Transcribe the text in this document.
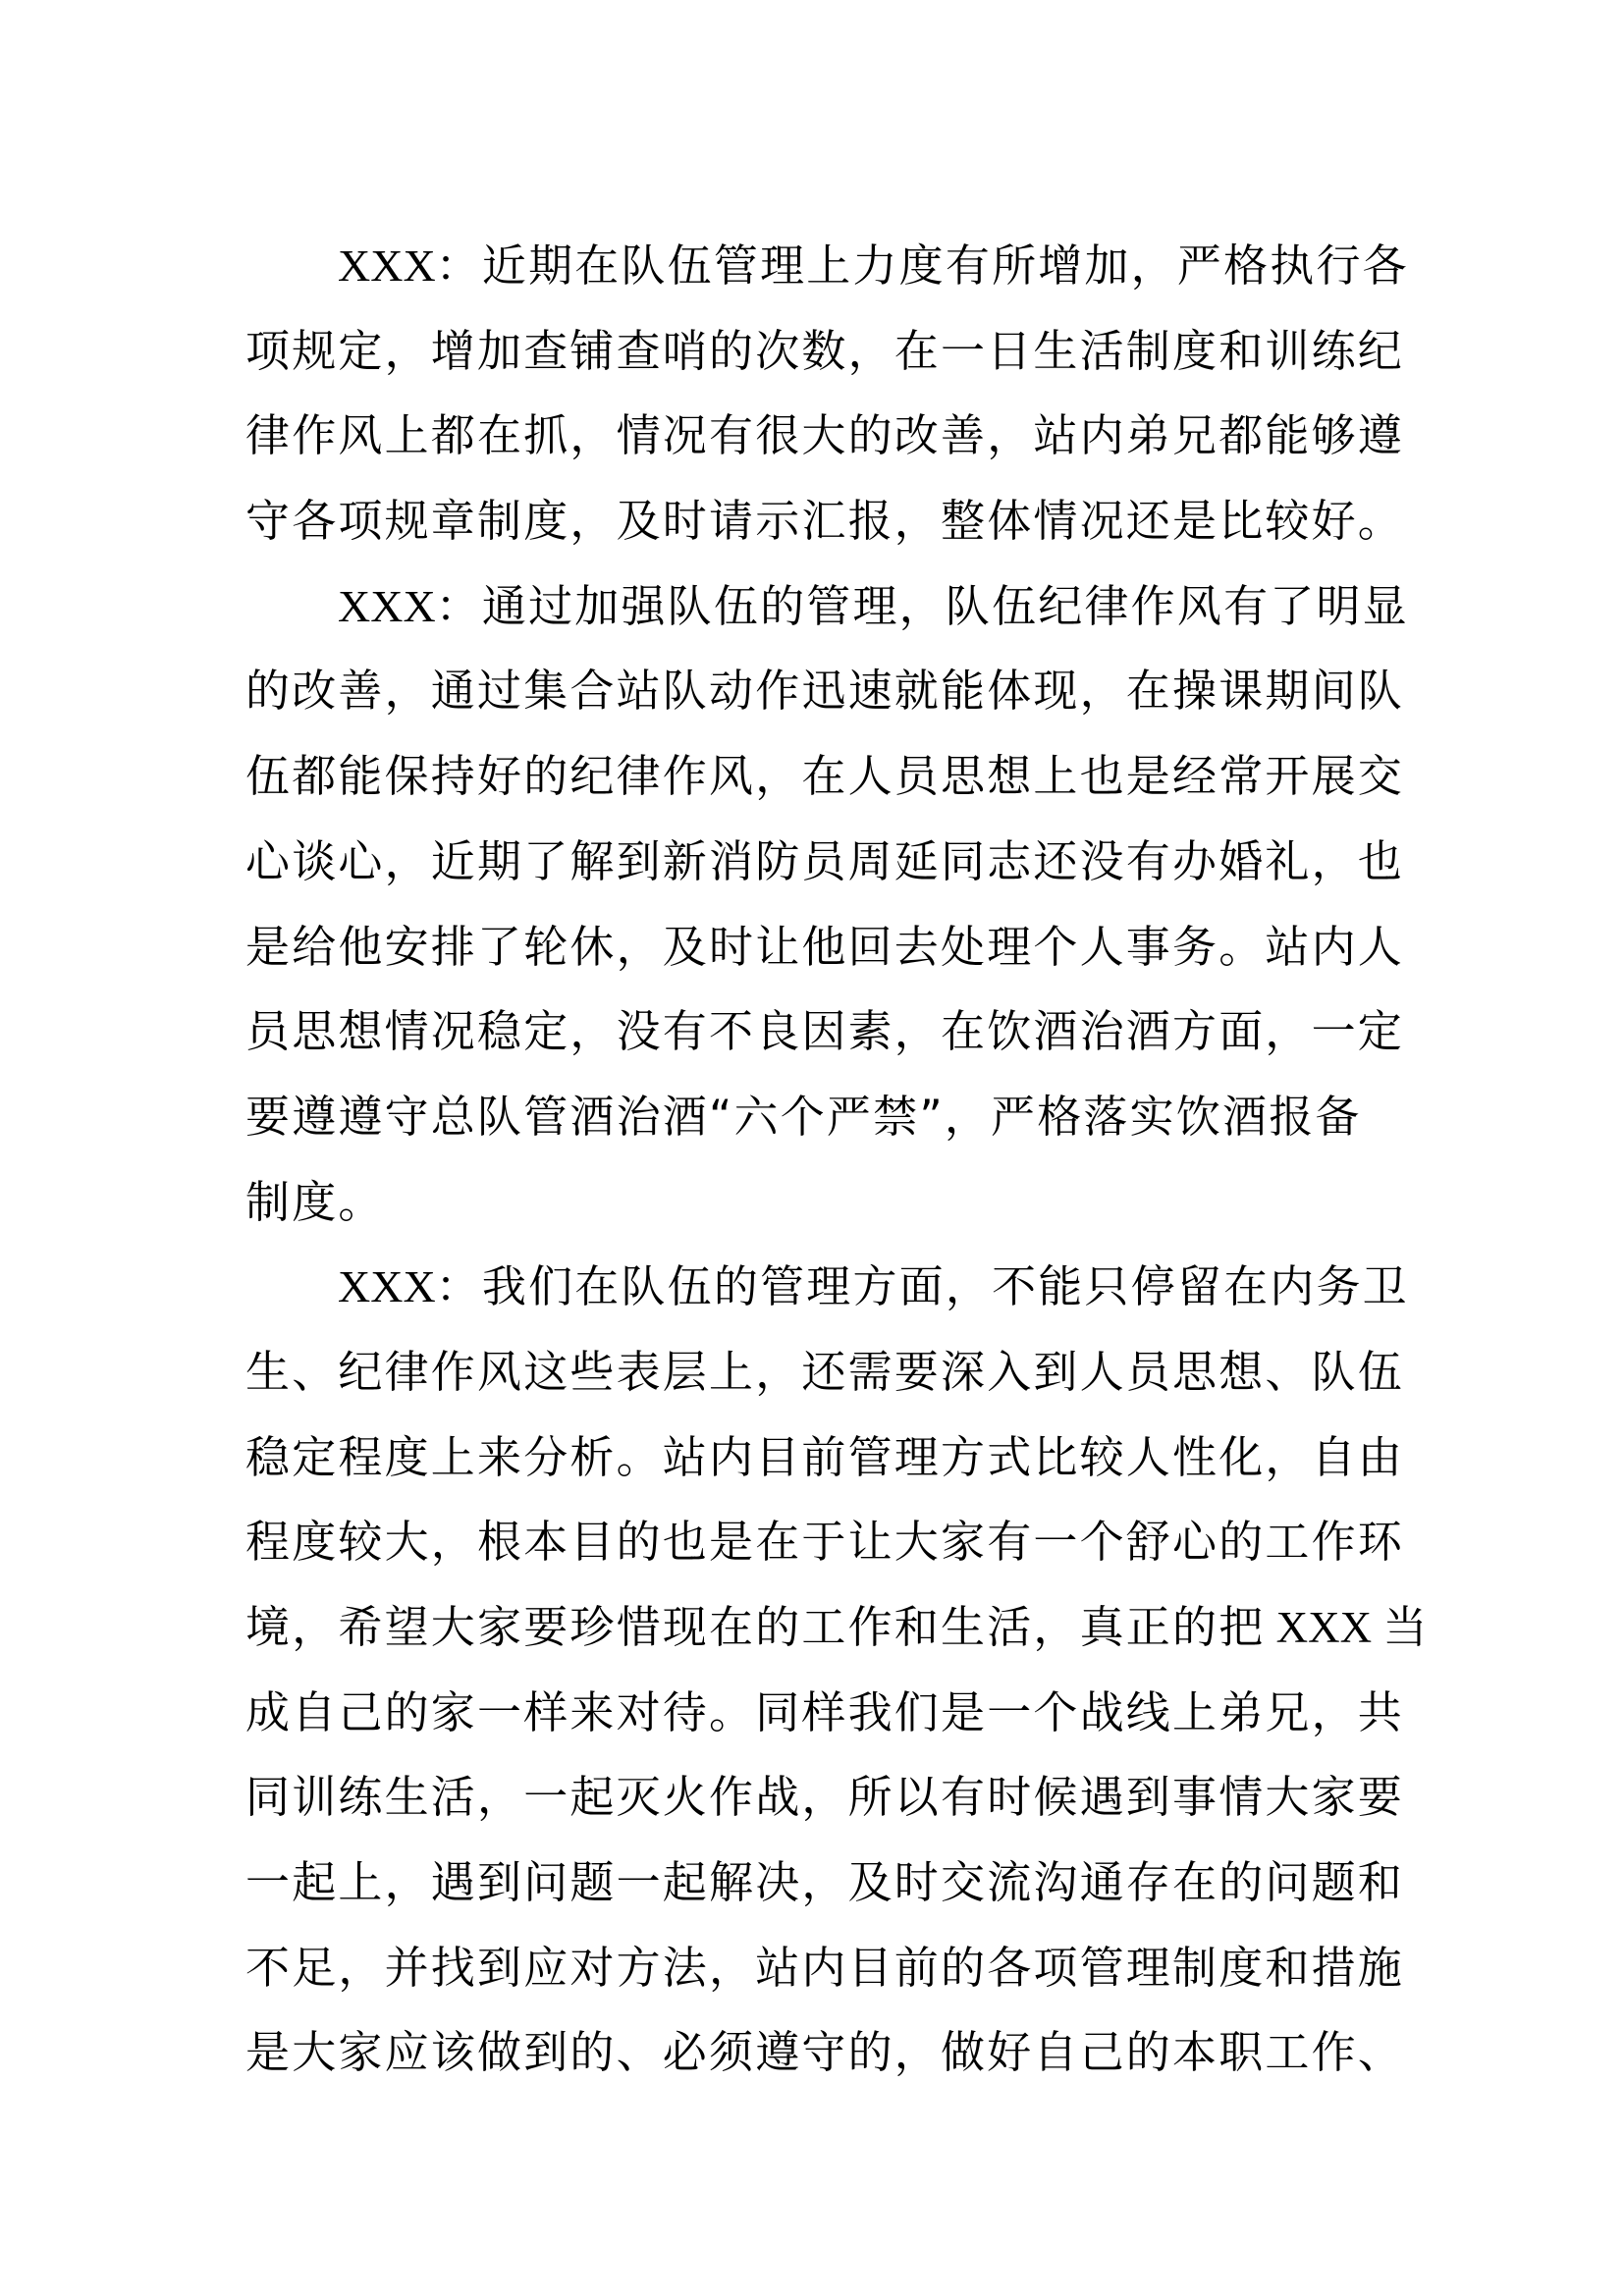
XXX：近期在队伍管理上力度有所增加，严格执行各
项规定，增加查铺查哨的次数，在一日生活制度和训练纪
律作风上都在抓，情况有很大的改善，站内弟兄都能够遵
守各项规章制度，及时请示汇报，整体情况还是比较好。
XXX：通过加强队伍的管理，队伍纪律作风有了明显
的改善，通过集合站队动作迅速就能体现，在操课期间队
伍都能保持好的纪律作风，在人员思想上也是经常开展交
心谈心，近期了解到新消防员周延同志还没有办婚礼，也
是给他安排了轮休，及时让他回去处理个人事务。站内人
员思想情况稳定，没有不良因素，在饮酒治酒方面，一定
要遵遵守总队管酒治酒“六个严禁”，严格落实饮酒报备
制度。
XXX：我们在队伍的管理方面，不能只停留在内务卫
生、纪律作风这些表层上，还需要深入到人员思想、队伍
稳定程度上来分析。站内目前管理方式比较人性化，自由
程度较大，根本目的也是在于让大家有一个舒心的工作环
境，希望大家要珍惜现在的工作和生活，真正的把 XXX 当
成自己的家一样来对待。同样我们是一个战线上弟兄，共
同训练生活，一起灭火作战，所以有时候遇到事情大家要
一起上，遇到问题一起解决，及时交流沟通存在的问题和
不足，并找到应对方法，站内目前的各项管理制度和措施
是大家应该做到的、必须遵守的，做好自己的本职工作、
